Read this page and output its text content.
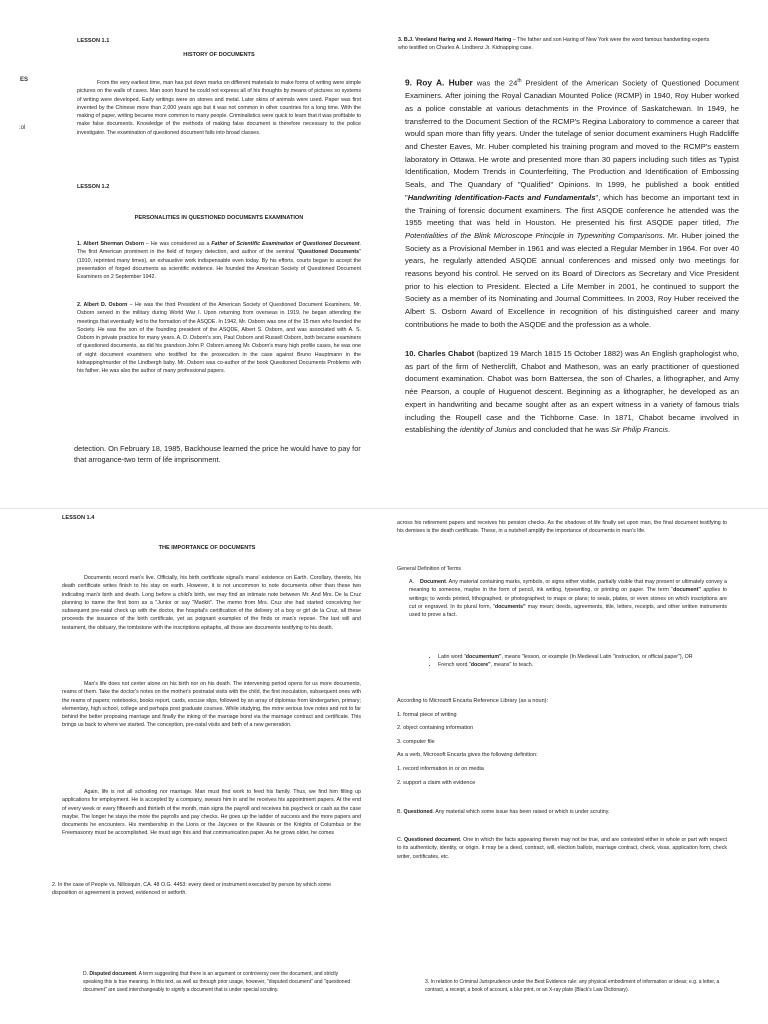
ES
:ol
LESSON 1.1
HISTORY OF DOCUMENTS

From the very earliest time, man has put down marks on different materials to make forms of writing were simple pictures on the walls of caves. Man soon found he could not express all of his thoughts by means of pictures so systems of writing were developed. Early writings were on stones and metal. Later skins of animals were used. Paper was first invented by the Chinese more than 2,000 years ago but it was not common in other countries for a long time. With the making of paper, writing became more common to many people. Criminalistics were quick to learn that it was profitable to make false documents. Knowledge of the methods of making false document is therefore necessary to the police investigator. The examination of questioned document falls into broad classes.

LESSON 1.2
PERSONALITIES IN QUESTIONED DOCUMENTS EXAMINATION

1. Albert Sherman Osborn – He was considered as a Father of Scientific Examination of Questioned Document. The first American prominent in the field of forgery detection, and author of the seminal "Questioned Documents" (1910, reprinted many times), an exhaustive work indispensable even today. By his efforts, courts began to accept the presentation of forged documents as scientific evidence. He founded the American Society of Questioned Document Examiners on 2 September 1942.

2. Albert D. Osborn – He was the third President of the American Society of Questioned Document Examiners. Mr. Osborn served in the military during World War I. Upon returning from overseas in 1919, he began attending the meetings that eventually led to the formation of the ASQDE. In 1942, Mr. Osborn was one of the 15 men who founded the Society. He was the son of the founding president of the ASQDE, Albert S. Osborn, and was associated with A. S. Osborn in private practice for many years. A. D. Osborn's son, Paul Osborn and Russell Osborn, both became examiners of questioned documents, as did his grandson John P. Osborn among Mr. Osborn's many high profile cases, he was one of eight document examiners who testified for the prosecution in the case against Bruno Hauptmann in the kidnapping/murder of the Lindbergh baby. Mr. Osborn was co-author of the book Questioned Documents Problems with his father. He was also the author of many professional papers.

detection. On February 18, 1985, Backhouse learned the price he would have to pay for that arrogance-two term of life imprisonment.

3. B.J. Vreeland Haring and J. Howard Haring – The father and son Haring of New York were the word famous handwriting experts who testified on Charles A. Lindbenz Jr. Kidnapping case.

9. Roy A. Huber was the 24th President of the American Society of Questioned Document Examiners. After joining the Royal Canadian Mounted Police (RCMP) in 1940, Roy Huber worked as a police constable at various detachments in the Province of Saskatchewan. In 1949, he transferred to the Document Section of the RCMP's Regina Laboratory to commence a career that would span more than fifty years. Under the tutelage of senior document examiners Hugh Radcliffe and Chester Eaves, Mr. Huber completed his training program and moved to the RCMP's eastern laboratory in Ottawa. He wrote and presented more than 30 papers including such titles as Typist Identification, Modern Trends in Counterfeiting, The Production and Identification of Embossing Seals, and The Quandary of "Qualified" Opinions. In 1999, he published a book entitled "Handwriting Identification-Facts and Fundamentals", which has become an important text in the Training of forensic document examiners. The first ASQDE conference he attended was the 1955 meeting that was held in Houston. He presented his first ASQDE paper titled, The Potentialities of the Blink Microscope Principle in Typewriting Comparisons. Mr. Huber joined the Society as a Provisional Member in 1961 and was elected a Regular Member in 1964. For over 40 years, he regularly attended ASQDE annual conferences and missed only two meetings for reasons beyond his control. He served on its Board of Directors as Secretary and Vice President prior to his election to President. Elected a Life Member in 2001, he continued to support the Society as a member of its Nominating and Journal Committees. In 2003, Roy Huber received the Albert S. Osborn Award of Excellence in recognition of his distinguished career and many contributions he made to both the ASQDE and the profession as a whole.

10. Charles Chabot (baptized 19 March 1815 15 October 1882) was An English graphologist who, as part of the firm of Netherclift, Chabot and Matheson, was an early practitioner of questioned document examination. Chabot was born Battersea, the son of Charles, a lithographer, and Amy née Pearson, a couple of Huguenot descent. Beginning as a lithographer, he developed as an expert in handwriting and became sought after as an expert witness in a variety of famous trials including the Roupell case and the Tichborne Case. In 1871, Chabot became involved in establishing the identity of Junius and concluded that he was Sir Philip Francis.

LESSON 1.4
THE IMPORTANCE OF DOCUMENTS

Documents record man's live. Officially, his birth certificate signal's mans' existence on Earth. Corollary, thereto, his death certificate writes finish to his stay on earth. However, it is not uncommon to note documents other than these two indicating man's birth and death. Long before a child's birth, we may find an intimate note between Mr. And Mrs. De la Cruz planning to name the first born as a "Junior or say "Marikit". The memo from Mrs. Cruz she had started conceiving her subsequent pre-natal check up with the doctor, the hospital's certification of the delivery of a boy or girl de la Cruz, all these proceeds the issuance of the birth certificate, yet as poignant examples of the finds or man's repose. The last will and testament, the obituary, the tombstone with the inscriptions epitaphs, all those are documents testifying to his death.

Man's life does not center alone on his birth nor on his death. The intervening period opens for us more documents, reams of them. Take the doctor's notes on the mother's postnatal visits with the child, the first inoculation, subsequent ones with the reams of papers; notebooks, books report, cards, excuse slips, followed by an array of diplomas from kindergarten, primary; elementary, high school, college and perhaps post graduate courses. While studying, the more serious love notes and not to far behind the better proposing marriage and finally the inking of the marriage bond via the marriage contract and certificate. This brings us back to where we started. The conception, pre-natal visits and birth of a new generation.

Again, life is not all schooling nor marriage. Man must find work to feed his family. Thus, we find him filling up applications for employment. He is accepted by a company, swears him in and he receives his appointment papers. At the end of every week or every fifteenth and thirtieth of the month, man signs the payroll and receives his paycheck or cash as the case maybe. The longer he stays the more the payrolls and pay checks. He goes up the ladder of success and the more papers and documents he encounters. His membership in the Lions or the Jaycees or the Kiwanis or the Knights of Columbus or the Freemasonry must be accomplished. He must sign this and that communication paper. As he grows older, he comes

2. In the case of People vs. Nillosquin, CA. 48 O.G. 4453: every deed or instrument executed by person by which some disposition or agreement is proved, evidenced or setforth.

across his retirement papers and receives his pension checks. As the shadows of life finally set upon man, the final document testifying to his demises is the death certificate. These, in a nutshell amplify the importance of documents in man's life.

General Definition of Terms

A. Document. Any material containing marks, symbols, or signs either visible, partially visible that may present or ultimately convey a meaning to someone, maybe in the form of pencil, ink writing, typewriting, or printing on paper. The term "document" applies to writings; to words printed, lithographed, or photographed; to maps or plans; to seals, plates, or even stones on which inscriptions are cut or engraved. In its plural form, "documents" may mean; deeds, agreements, title, letters, receipts, and other written instruments used to prove a fact.

• Latin word "documentum", means "lesson, or example (In Medieval Latin "instruction, or official paper"), OR
• French word "docere", means" to teach.

According to Microsoft Encarta Reference Library (as a noun):

1. formal piece of writing

2. object containing information

3. computer file

As a verb, Microsoft Encarta gives the following definition:

1. record information in or on media

2. support a claim with evidence

B. Questioned. Any material which some issue has been raised or which is under scrutiny.

C. Questioned document. One in which the facts appearing therein may not be true, and are contested either in whole or part with respect to its authenticity, identity, or origin. It may be a deed, contract, will, election ballots, marriage contract, check, visas, application form, check writer, certificates, etc.

D. Disputed document. A term suggesting that there is an argument or controversy over the document, and strictly speaking this is true meaning. In this text, as well as through prior usage, however, "disputed document" and "questioned document" are used interchangeably to signify a document that is under special scrutiny.

3. In relation to Criminal Jurisprudence under the Best Evidence rule: any physical embodiment of information or ideas; e.g. a letter, a contract, a receipt, a book of account, a blur print, or an X-ray plate (Black's Law Dictionary).
